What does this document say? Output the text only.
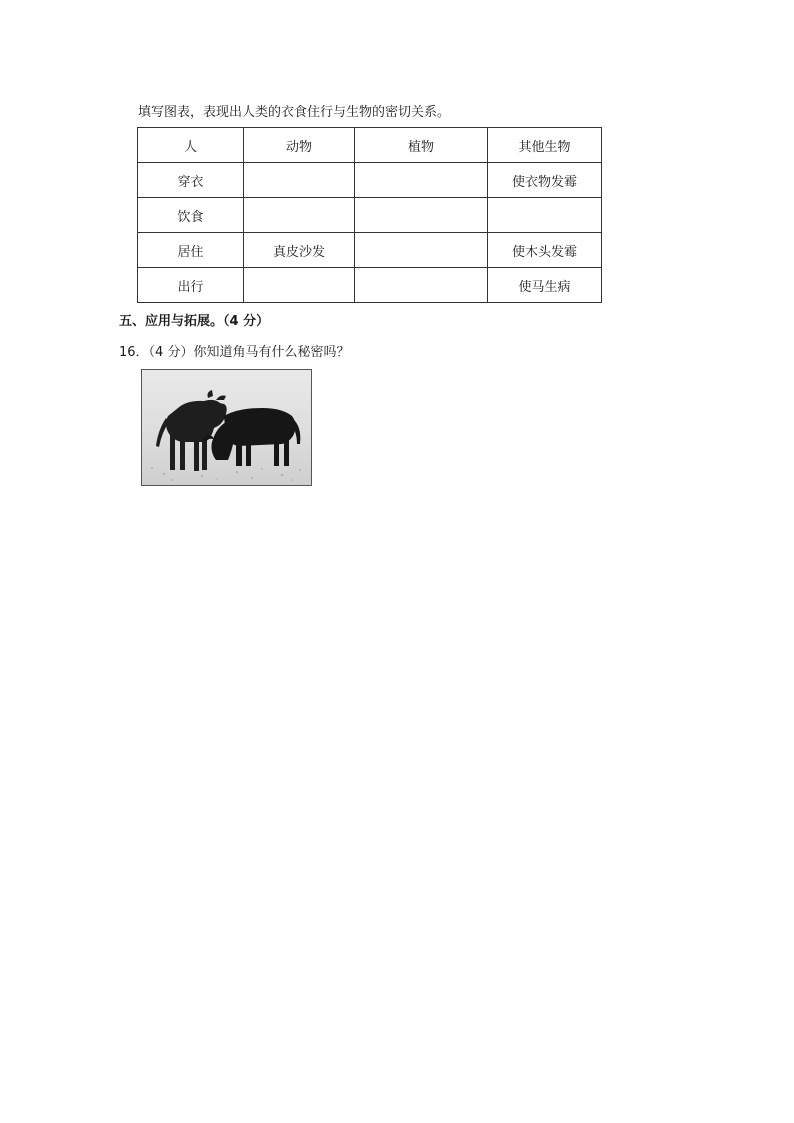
填写图表，表现出人类的衣食住行与生物的密切关系。
人	动物	植物	其他生物
穿衣			使衣物发霉
饮食			
居住	真皮沙发		使木头发霉
出行			使马生病
五、应用与拓展。（4 分）
16．（4 分）你知道角马有什么秘密吗？
